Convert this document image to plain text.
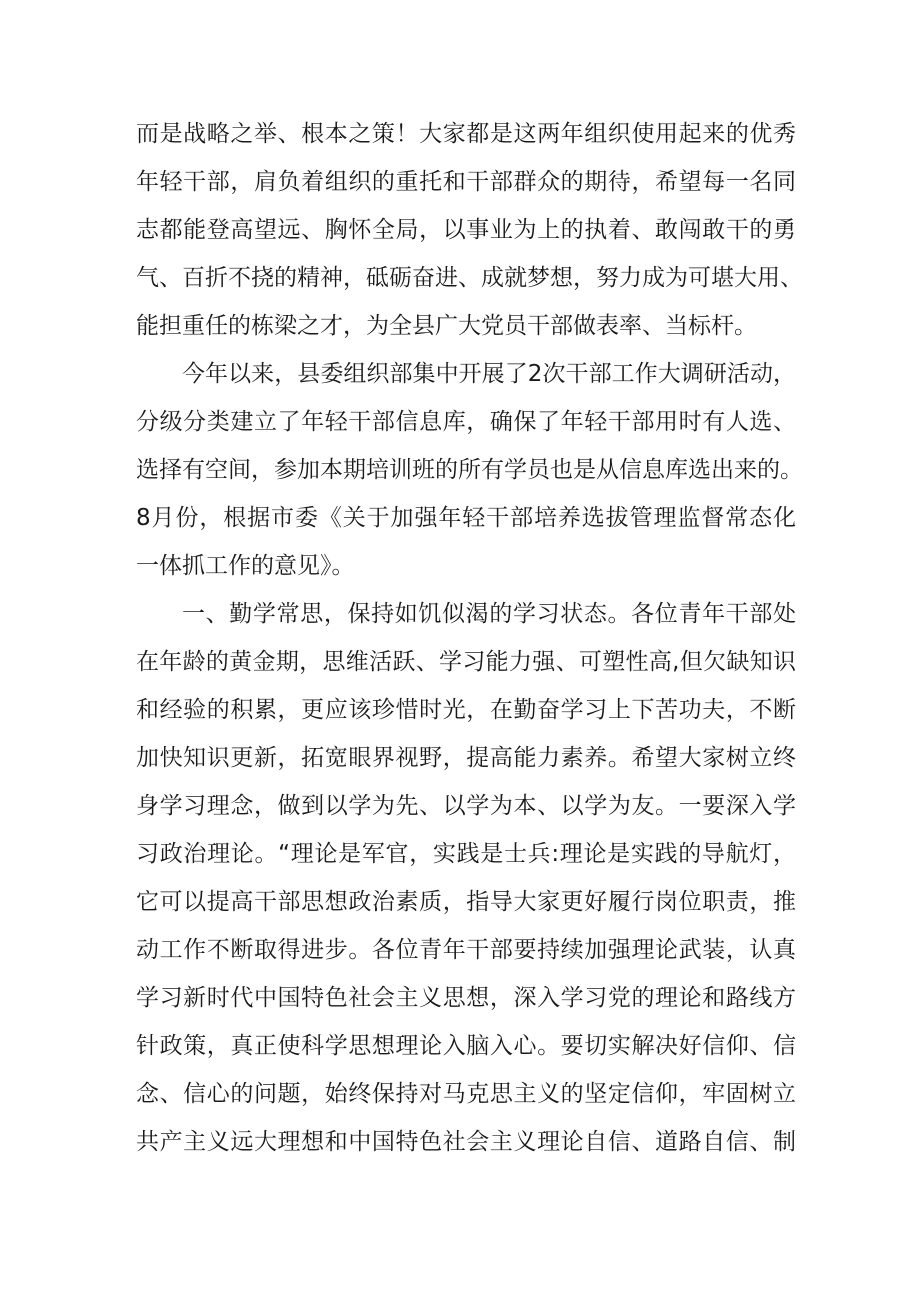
而是战略之举、根本之策！大家都是这两年组织使用起来的优秀
年轻干部，肩负着组织的重托和干部群众的期待，希望每一名同
志都能登高望远、胸怀全局，以事业为上的执着、敢闯敢干的勇
气、百折不挠的精神，砥砺奋进、成就梦想，努力成为可堪大用、
能担重任的栋梁之才，为全县广大党员干部做表率、当标杆。
今年以来，县委组织部集中开展了2次干部工作大调研活动，
分级分类建立了年轻干部信息库，确保了年轻干部用时有人选、
选择有空间，参加本期培训班的所有学员也是从信息库选出来的。
8月份，根据市委《关于加强年轻干部培养选拔管理监督常态化
一体抓工作的意见》。
一、勤学常思，保持如饥似渴的学习状态。各位青年干部处
在年龄的黄金期，思维活跃、学习能力强、可塑性高,但欠缺知识
和经验的积累，更应该珍惜时光，在勤奋学习上下苦功夫，不断
加快知识更新，拓宽眼界视野，提高能力素养。希望大家树立终
身学习理念，做到以学为先、以学为本、以学为友。一要深入学
习政治理论。“理论是军官，实践是士兵:理论是实践的导航灯，
它可以提高干部思想政治素质，指导大家更好履行岗位职责，推
动工作不断取得进步。各位青年干部要持续加强理论武装，认真
学习新时代中国特色社会主义思想，深入学习党的理论和路线方
针政策，真正使科学思想理论入脑入心。要切实解决好信仰、信
念、信心的问题，始终保持对马克思主义的坚定信仰，牢固树立
共产主义远大理想和中国特色社会主义理论自信、道路自信、制
